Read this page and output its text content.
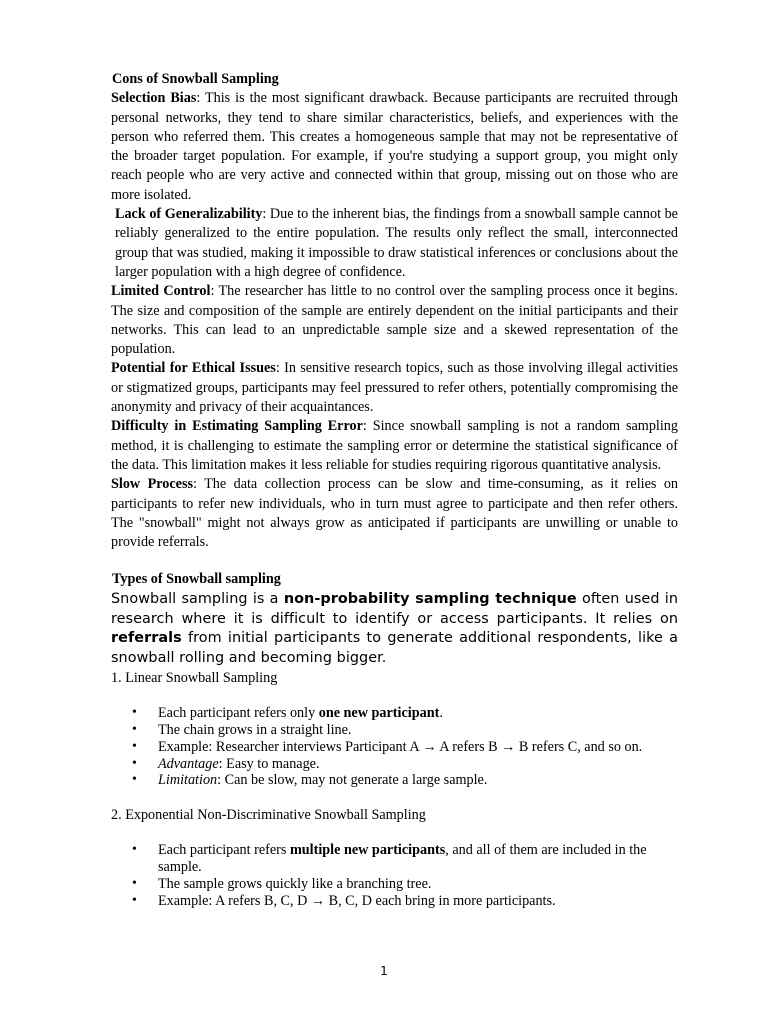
Cons of Snowball Sampling

Selection Bias: This is the most significant drawback. Because participants are recruited through personal networks, they tend to share similar characteristics, beliefs, and experiences with the person who referred them. This creates a homogeneous sample that may not be representative of the broader target population. For example, if you're studying a support group, you might only reach people who are very active and connected within that group, missing out on those who are more isolated.

Lack of Generalizability: Due to the inherent bias, the findings from a snowball sample cannot be reliably generalized to the entire population. The results only reflect the small, interconnected group that was studied, making it impossible to draw statistical inferences or conclusions about the larger population with a high degree of confidence.

Limited Control: The researcher has little to no control over the sampling process once it begins. The size and composition of the sample are entirely dependent on the initial participants and their networks. This can lead to an unpredictable sample size and a skewed representation of the population.

Potential for Ethical Issues: In sensitive research topics, such as those involving illegal activities or stigmatized groups, participants may feel pressured to refer others, potentially compromising the anonymity and privacy of their acquaintances.

Difficulty in Estimating Sampling Error: Since snowball sampling is not a random sampling method, it is challenging to estimate the sampling error or determine the statistical significance of the data. This limitation makes it less reliable for studies requiring rigorous quantitative analysis.

Slow Process: The data collection process can be slow and time-consuming, as it relies on participants to refer new individuals, who in turn must agree to participate and then refer others. The "snowball" might not always grow as anticipated if participants are unwilling or unable to provide referrals.

Types of Snowball sampling

Snowball sampling is a non-probability sampling technique often used in research where it is difficult to identify or access participants. It relies on referrals from initial participants to generate additional respondents, like a snowball rolling and becoming bigger.

1. Linear Snowball Sampling

• Each participant refers only one new participant.
• The chain grows in a straight line.
• Example: Researcher interviews Participant A → A refers B → B refers C, and so on.
• Advantage: Easy to manage.
• Limitation: Can be slow, may not generate a large sample.

2. Exponential Non-Discriminative Snowball Sampling

• Each participant refers multiple new participants, and all of them are included in the sample.
• The sample grows quickly like a branching tree.
• Example: A refers B, C, D → B, C, D each bring in more participants.
1
